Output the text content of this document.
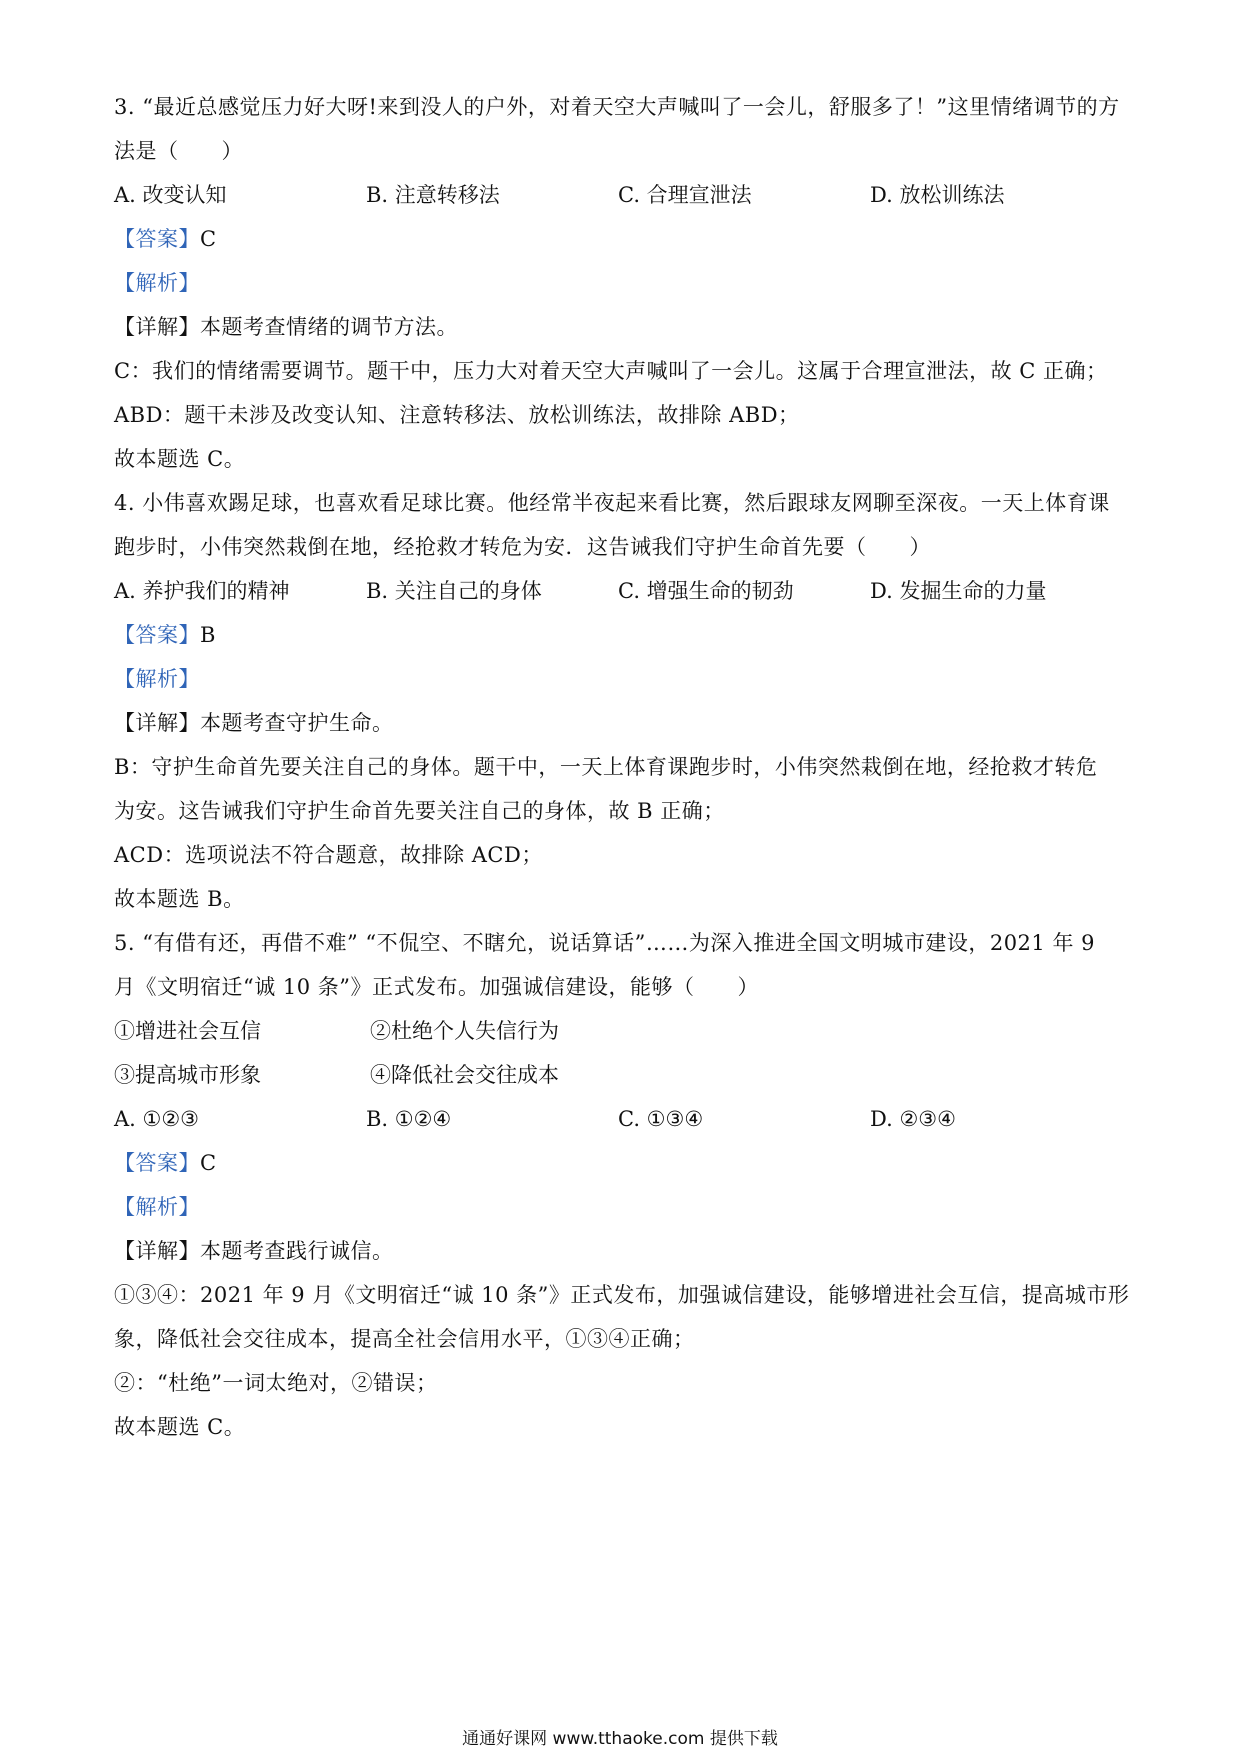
3. “最近总感觉压力好大呀!来到没人的户外，对着天空大声喊叫了一会儿，舒服多了！”这里情绪调节的方
法是（　　）
A. 改变认知	B. 注意转移法	C. 合理宣泄法	D. 放松训练法
【答案】C
【解析】
【详解】本题考查情绪的调节方法。
C：我们的情绪需要调节。题干中，压力大对着天空大声喊叫了一会儿。这属于合理宣泄法，故 C 正确；
ABD：题干未涉及改变认知、注意转移法、放松训练法，故排除 ABD；
故本题选 C。
4. 小伟喜欢踢足球，也喜欢看足球比赛。他经常半夜起来看比赛，然后跟球友网聊至深夜。一天上体育课
跑步时，小伟突然栽倒在地，经抢救才转危为安．这告诫我们守护生命首先要（　　）
A. 养护我们的精神	B. 关注自己的身体	C. 增强生命的韧劲	D. 发掘生命的力量
【答案】B
【解析】
【详解】本题考查守护生命。
B：守护生命首先要关注自己的身体。题干中，一天上体育课跑步时，小伟突然栽倒在地，经抢救才转危
为安。这告诫我们守护生命首先要关注自己的身体，故 B 正确；
ACD：选项说法不符合题意，故排除 ACD；
故本题选 B。
5. “有借有还，再借不难” “不侃空、不瞎允，说话算话”……为深入推进全国文明城市建设，2021 年 9
月《文明宿迁“诚 10 条”》正式发布。加强诚信建设，能够（　　）
①增进社会互信	②杜绝个人失信行为
③提高城市形象	④降低社会交往成本
A. ①②③	B. ①②④	C. ①③④	D. ②③④
【答案】C
【解析】
【详解】本题考查践行诚信。
①③④：2021 年 9 月《文明宿迁“诚 10 条”》正式发布，加强诚信建设，能够增进社会互信，提高城市形
象，降低社会交往成本，提高全社会信用水平，①③④正确；
②：“杜绝”一词太绝对，②错误；
故本题选 C。
通通好课网 www.tthaoke.com 提供下载
